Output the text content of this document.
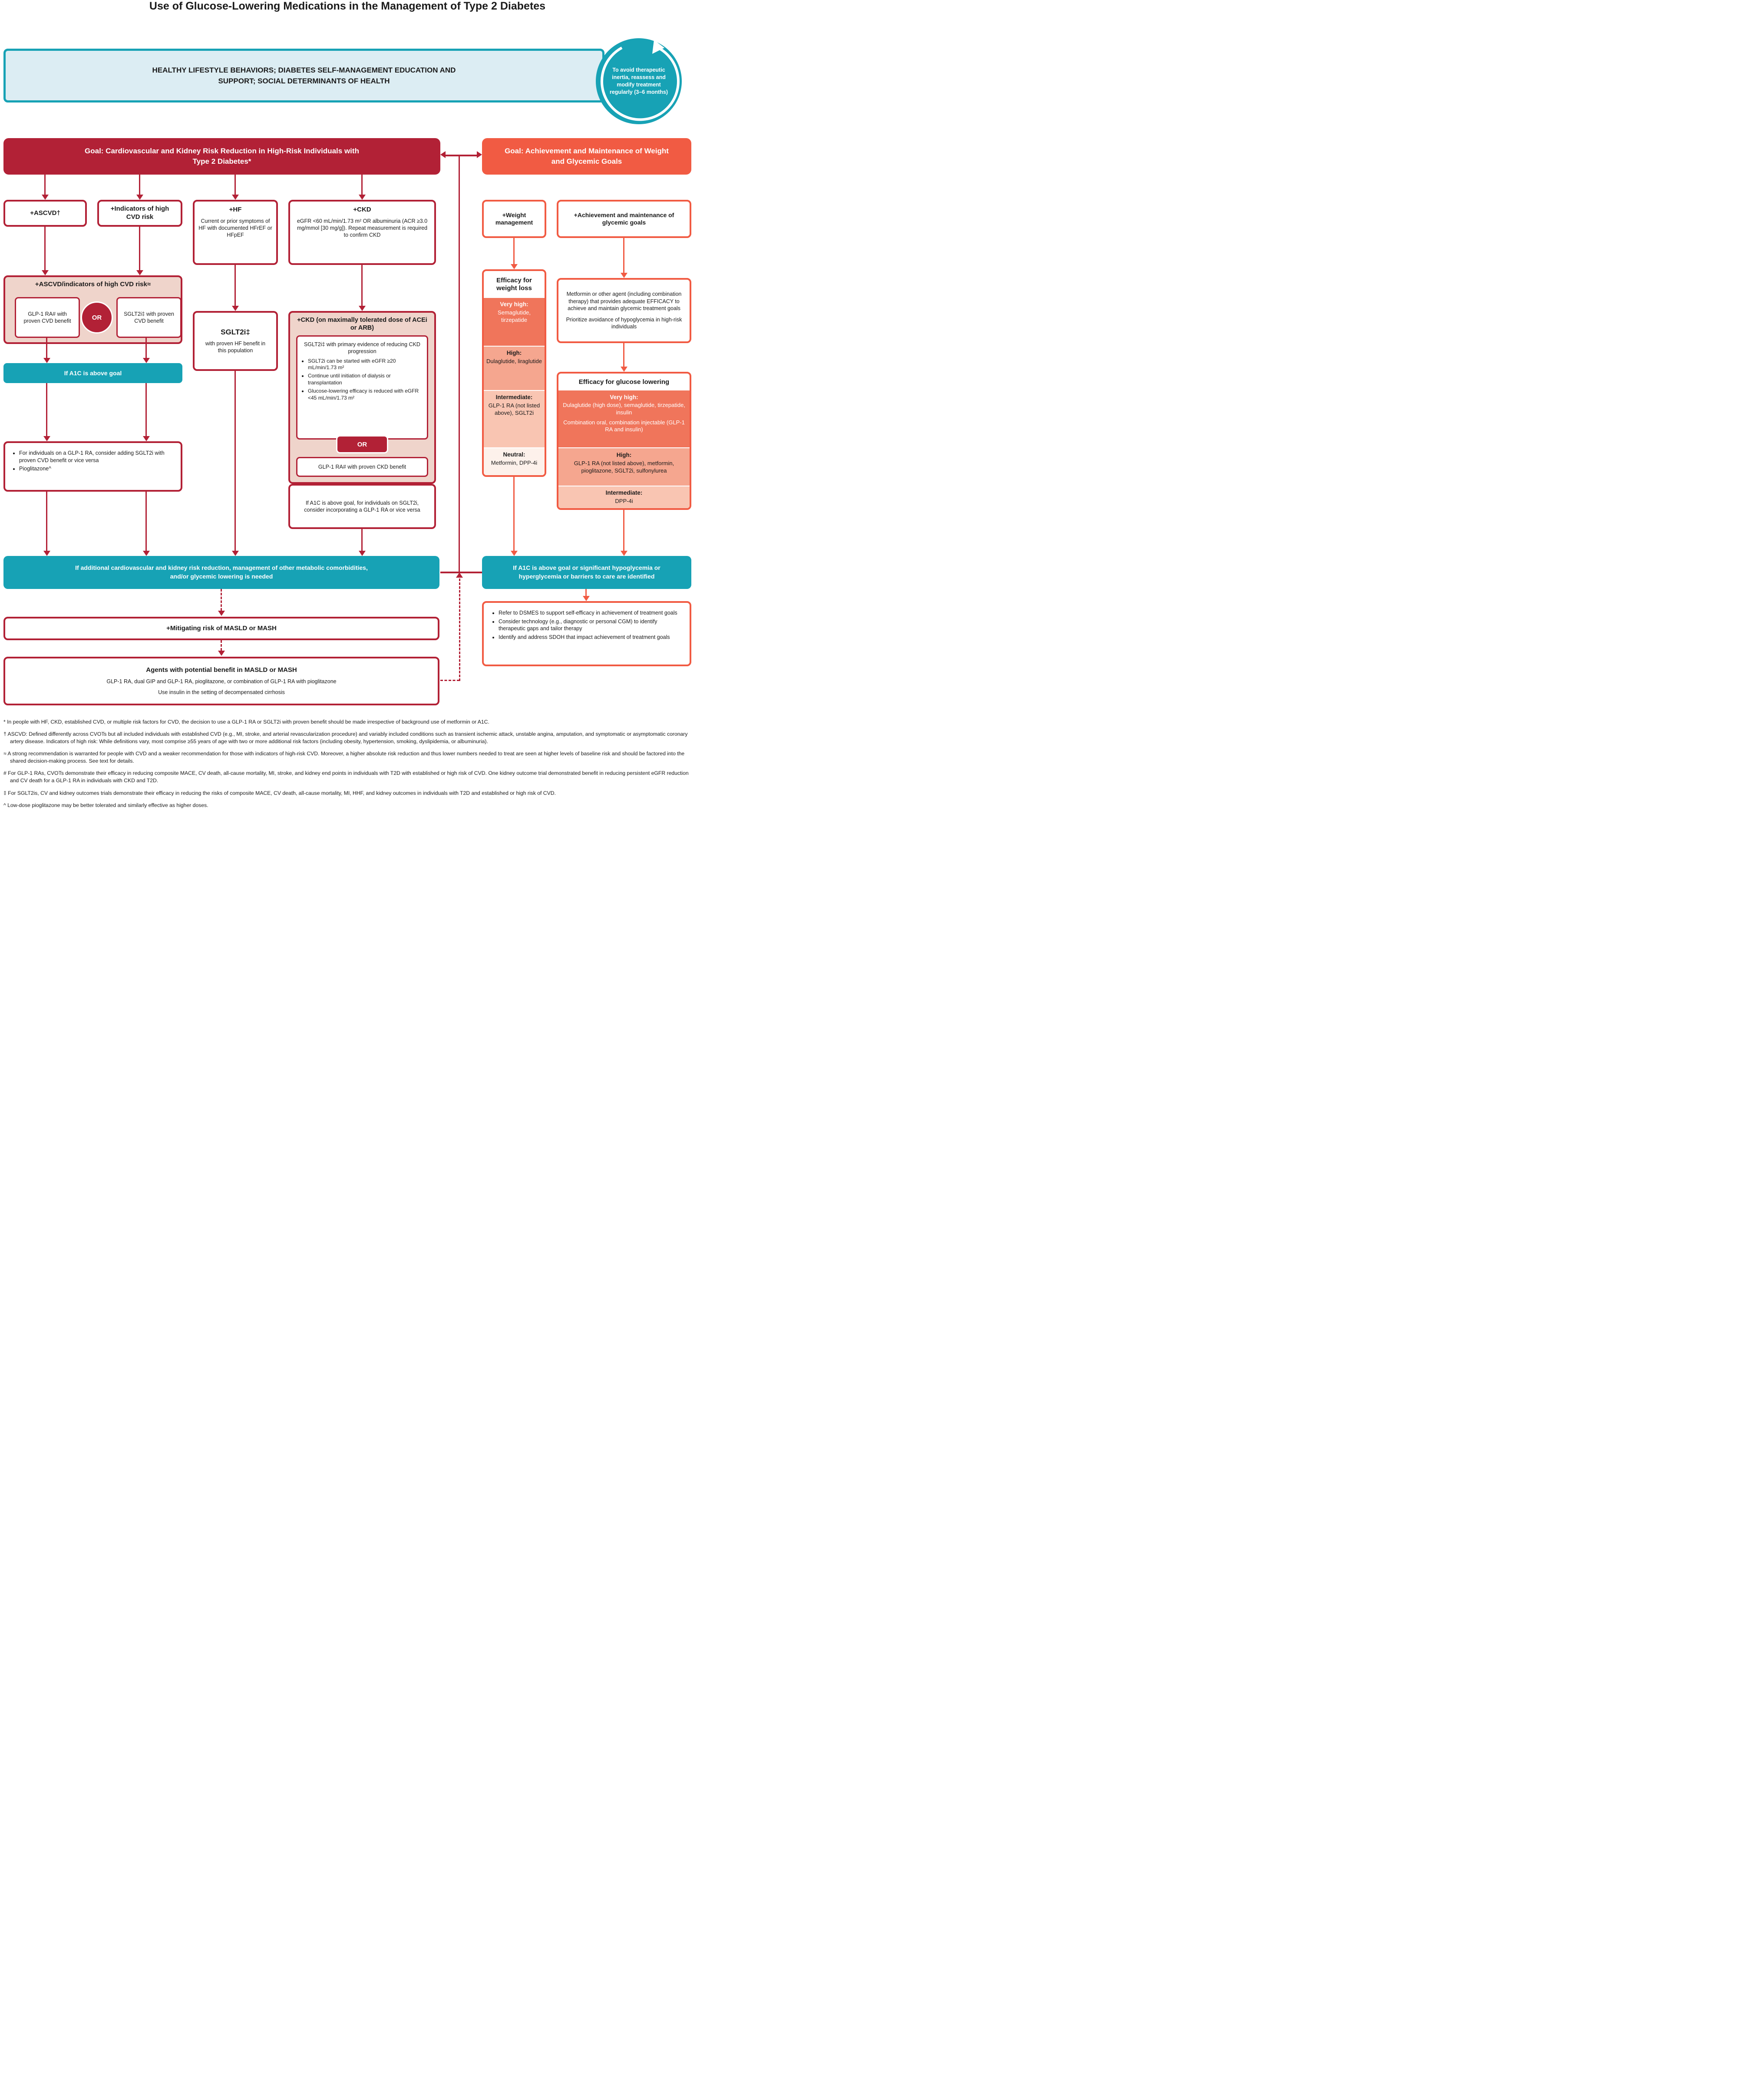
Use of Glucose-Lowering Medications in the Management of Type 2 Diabetes
HEALTHY LIFESTYLE BEHAVIORS; DIABETES SELF-MANAGEMENT EDUCATION AND SUPPORT; SOCIAL DETERMINANTS OF HEALTH
To avoid therapeutic inertia, reassess and modify treatment regularly (3–6 months)
Goal: Cardiovascular and Kidney Risk Reduction in High-Risk Individuals with Type 2 Diabetes*
Goal: Achievement and Maintenance of Weight and Glycemic Goals
+ASCVD†
+Indicators of high CVD risk
+HF
Current or prior symptoms of HF with documented HFrEF or HFpEF
+CKD
eGFR <60 mL/min/1.73 m² OR albuminuria (ACR ≥3.0 mg/mmol [30 mg/g]). Repeat measurement is required to confirm CKD
+Weight management
+Achievement and maintenance of glycemic goals
+ASCVD/indicators of high CVD risk≈
GLP-1 RA# with proven CVD benefit	OR	SGLT2i‡ with proven CVD benefit
If A1C is above goal
• For individuals on a GLP-1 RA, consider adding SGLT2i with proven CVD benefit or vice versa
• Pioglitazone^
SGLT2i‡
with proven HF benefit in this population
+CKD (on maximally tolerated dose of ACEi or ARB)
SGLT2i‡ with primary evidence of reducing CKD progression
• SGLT2i can be started with eGFR ≥20 mL/min/1.73 m²
• Continue until initiation of dialysis or transplantation
• Glucose-lowering efficacy is reduced with eGFR <45 mL/min/1.73 m²
OR
GLP-1 RA# with proven CKD benefit
If A1C is above goal, for individuals on SGLT2i, consider incorporating a GLP-1 RA or vice versa
Efficacy for weight loss
Very high:
Semaglutide, tirzepatide
High:
Dulaglutide, liraglutide
Intermediate:
GLP-1 RA (not listed above), SGLT2i
Neutral:
Metformin, DPP-4i
Metformin or other agent (including combination therapy) that provides adequate EFFICACY to achieve and maintain glycemic treatment goals
Prioritize avoidance of hypoglycemia in high-risk individuals
Efficacy for glucose lowering
Very high:
Dulaglutide (high dose), semaglutide, tirzepatide, insulin
Combination oral, combination injectable (GLP-1 RA and insulin)
High:
GLP-1 RA (not listed above), metformin, pioglitazone, SGLT2i, sulfonylurea
Intermediate:
DPP-4i
If additional cardiovascular and kidney risk reduction, management of other metabolic comorbidities, and/or glycemic lowering is needed
If A1C is above goal or significant hypoglycemia or hyperglycemia or barriers to care are identified
• Refer to DSMES to support self-efficacy in achievement of treatment goals
• Consider technology (e.g., diagnostic or personal CGM) to identify therapeutic gaps and tailor therapy
• Identify and address SDOH that impact achievement of treatment goals
+Mitigating risk of MASLD or MASH
Agents with potential benefit in MASLD or MASH
GLP-1 RA, dual GIP and GLP-1 RA, pioglitazone, or combination of GLP-1 RA with pioglitazone
Use insulin in the setting of decompensated cirrhosis

* In people with HF, CKD, established CVD, or multiple risk factors for CVD, the decision to use a GLP-1 RA or SGLT2i with proven benefit should be made irrespective of background use of metformin or A1C.

† ASCVD: Defined differently across CVOTs but all included individuals with established CVD (e.g., MI, stroke, and arterial revascularization procedure) and variably included conditions such as transient ischemic attack, unstable angina, amputation, and symptomatic or asymptomatic coronary artery disease. Indicators of high risk: While definitions vary, most comprise ≥55 years of age with two or more additional risk factors (including obesity, hypertension, smoking, dyslipidemia, or albuminuria).

≈ A strong recommendation is warranted for people with CVD and a weaker recommendation for those with indicators of high-risk CVD. Moreover, a higher absolute risk reduction and thus lower numbers needed to treat are seen at higher levels of baseline risk and should be factored into the shared decision-making process. See text for details.

# For GLP-1 RAs, CVOTs demonstrate their efficacy in reducing composite MACE, CV death, all-cause mortality, MI, stroke, and kidney end points in individuals with T2D with established or high risk of CVD. One kidney outcome trial demonstrated benefit in reducing persistent eGFR reduction and CV death for a GLP-1 RA in individuals with CKD and T2D.

‡ For SGLT2is, CV and kidney outcomes trials demonstrate their efficacy in reducing the risks of composite MACE, CV death, all-cause mortality, MI, HHF, and kidney outcomes in individuals with T2D and established or high risk of CVD.

^ Low-dose pioglitazone may be better tolerated and similarly effective as higher doses.
